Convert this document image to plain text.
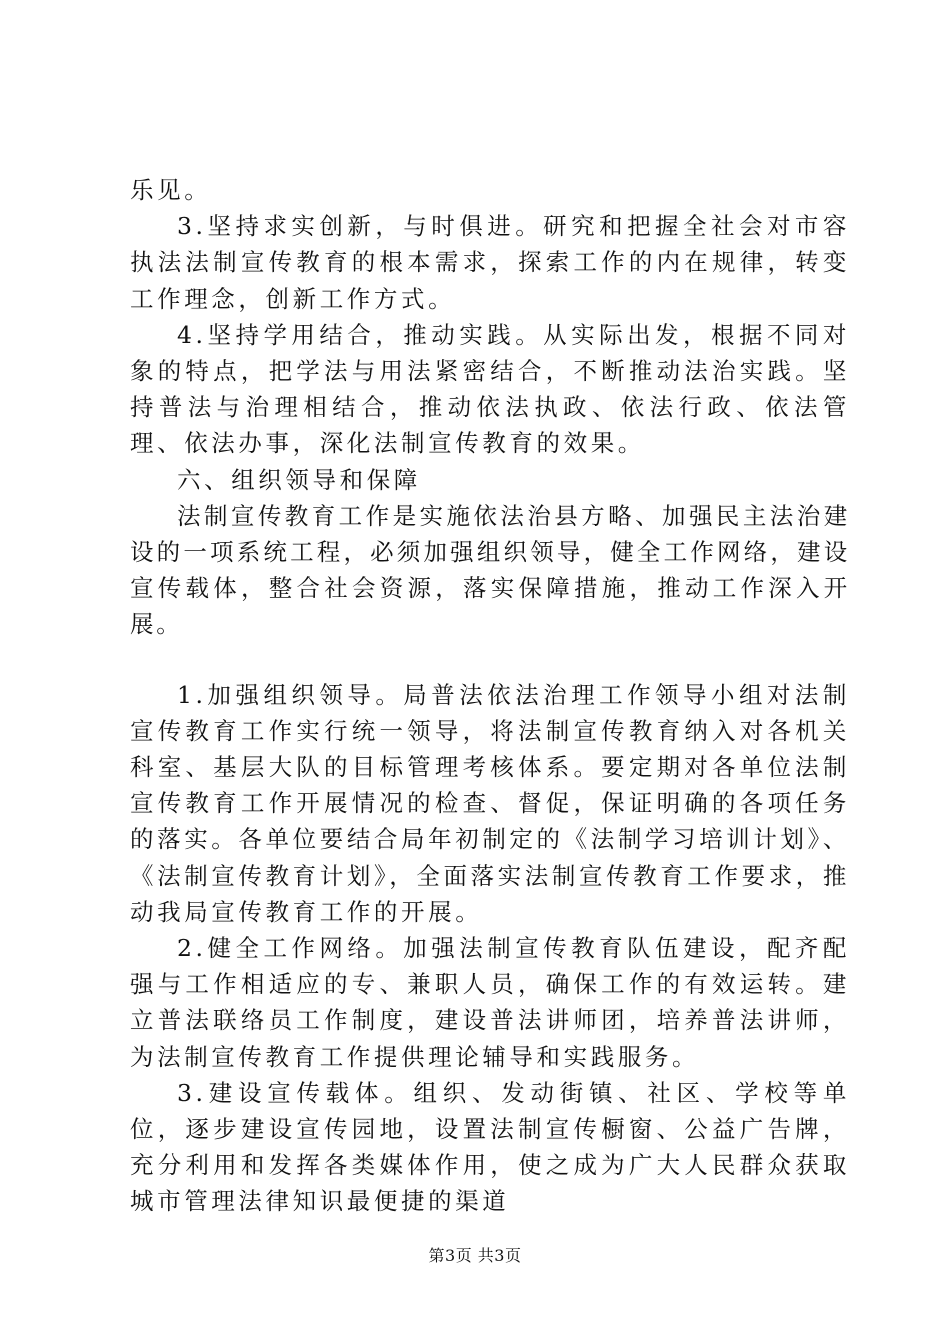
乐见。

3.坚持求实创新，与时俱进。研究和把握全社会对市容执法法制宣传教育的根本需求，探索工作的内在规律，转变工作理念，创新工作方式。

4.坚持学用结合，推动实践。从实际出发，根据不同对象的特点，把学法与用法紧密结合，不断推动法治实践。坚持普法与治理相结合，推动依法执政、依法行政、依法管理、依法办事，深化法制宣传教育的效果。

六、组织领导和保障

法制宣传教育工作是实施依法治县方略、加强民主法治建设的一项系统工程，必须加强组织领导，健全工作网络，建设宣传载体，整合社会资源，落实保障措施，推动工作深入开展。

1.加强组织领导。局普法依法治理工作领导小组对法制宣传教育工作实行统一领导，将法制宣传教育纳入对各机关科室、基层大队的目标管理考核体系。要定期对各单位法制宣传教育工作开展情况的检查、督促，保证明确的各项任务的落实。各单位要结合局年初制定的《法制学习培训计划》、《法制宣传教育计划》，全面落实法制宣传教育工作要求，推动我局宣传教育工作的开展。

2.健全工作网络。加强法制宣传教育队伍建设，配齐配强与工作相适应的专、兼职人员，确保工作的有效运转。建立普法联络员工作制度，建设普法讲师团，培养普法讲师，为法制宣传教育工作提供理论辅导和实践服务。

3.建设宣传载体。组织、发动街镇、社区、学校等单位，逐步建设宣传园地，设置法制宣传橱窗、公益广告牌，充分利用和发挥各类媒体作用，使之成为广大人民群众获取城市管理法律知识最便捷的渠道

第3页 共3页
